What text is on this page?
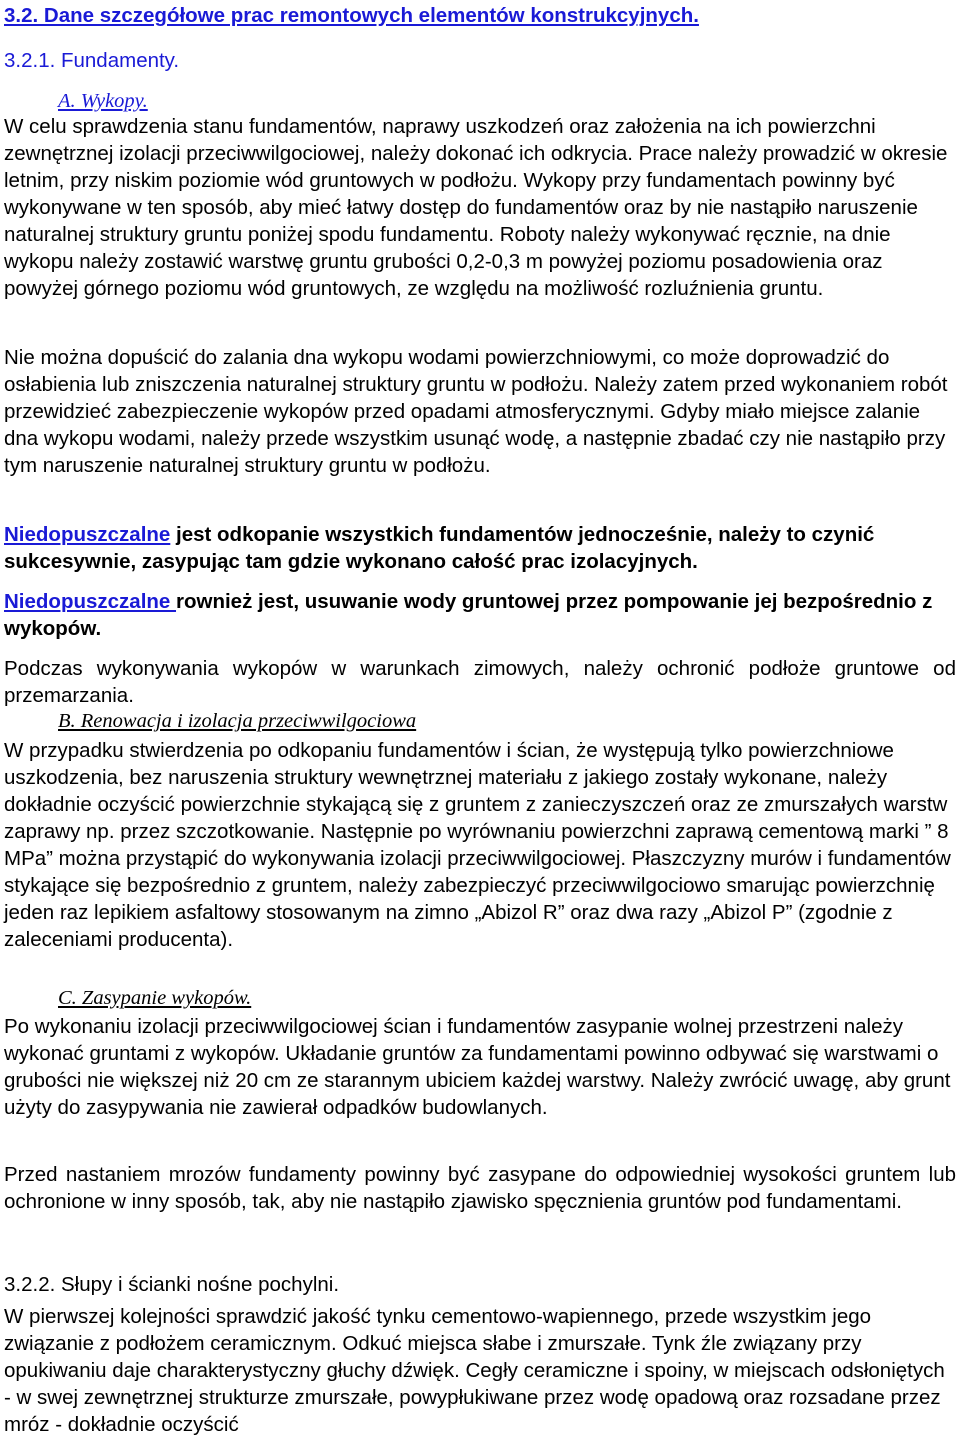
3.2. Dane szczegółowe prac remontowych elementów konstrukcyjnych.

3.2.1. Fundamenty.

A. Wykopy.

W celu sprawdzenia stanu fundamentów, naprawy uszkodzeń oraz założenia na ich powierzchni zewnętrznej izolacji przeciwwilgociowej, należy dokonać ich odkrycia. Prace należy prowadzić w okresie letnim, przy niskim poziomie wód gruntowych w podłożu. Wykopy przy fundamentach powinny być wykonywane w ten sposób, aby mieć łatwy dostęp do fundamentów oraz by nie nastąpiło naruszenie naturalnej struktury gruntu poniżej spodu fundamentu. Roboty należy wykonywać ręcznie, na dnie wykopu należy zostawić warstwę gruntu grubości 0,2-0,3 m powyżej poziomu posadowienia oraz powyżej górnego poziomu wód gruntowych, ze względu na możliwość rozluźnienia gruntu.

Nie można dopuścić do zalania dna wykopu wodami powierzchniowymi, co może doprowadzić do osłabienia lub zniszczenia naturalnej struktury gruntu w podłożu. Należy zatem przed wykonaniem robót przewidzieć zabezpieczenie wykopów przed opadami atmosferycznymi. Gdyby miało miejsce zalanie dna wykopu wodami, należy przede wszystkim usunąć wodę, a następnie zbadać czy nie nastąpiło przy tym naruszenie naturalnej struktury gruntu w podłożu.

Niedopuszczalne jest odkopanie wszystkich fundamentów jednocześnie, należy to czynić sukcesywnie, zasypując tam gdzie wykonano całość prac izolacyjnych.

Niedopuszczalne rownież jest, usuwanie wody gruntowej przez pompowanie jej bezpośrednio z wykopów.

Podczas wykonywania wykopów w warunkach zimowych, należy ochronić podłoże gruntowe od przemarzania.

B. Renowacja i izolacja przeciwwilgociowa

W przypadku stwierdzenia po odkopaniu fundamentów i ścian, że występują tylko powierzchniowe uszkodzenia, bez naruszenia struktury wewnętrznej materiału z jakiego zostały wykonane, należy dokładnie oczyścić powierzchnie stykającą się z gruntem z zanieczyszczeń oraz ze zmurszałych warstw zaprawy np. przez szczotkowanie. Następnie po wyrównaniu powierzchni zaprawą cementową marki ” 8 MPa” można przystąpić do wykonywania izolacji przeciwwilgociowej. Płaszczyzny murów i fundamentów stykające się bezpośrednio z gruntem, należy zabezpieczyć przeciwwilgociowo smarując powierzchnię jeden raz lepikiem asfaltowy stosowanym na zimno „Abizol R” oraz dwa razy „Abizol P” (zgodnie z zaleceniami producenta).

C. Zasypanie wykopów.

Po wykonaniu izolacji przeciwwilgociowej ścian i fundamentów zasypanie wolnej przestrzeni należy wykonać gruntami z wykopów. Układanie gruntów za fundamentami powinno odbywać się warstwami o grubości nie większej niż 20 cm ze starannym ubiciem każdej warstwy. Należy zwrócić uwagę, aby grunt użyty do zasypywania nie zawierał odpadków budowlanych.

Przed nastaniem mrozów fundamenty powinny być zasypane do odpowiedniej wysokości gruntem lub ochronione w inny sposób, tak, aby nie nastąpiło zjawisko spęcznienia gruntów pod fundamentami.

3.2.2. Słupy i ścianki nośne pochylni.

W pierwszej kolejności sprawdzić jakość tynku cementowo-wapiennego, przede wszystkim jego związanie z podłożem ceramicznym. Odkuć miejsca słabe i zmurszałe. Tynk źle związany przy opukiwaniu daje charakterystyczny głuchy dźwięk. Cegły ceramiczne i spoiny, w miejscach odsłoniętych - w swej zewnętrznej strukturze zmurszałe, powypłukiwane przez wodę opadową oraz rozsadane przez mróz - dokładnie oczyścić
